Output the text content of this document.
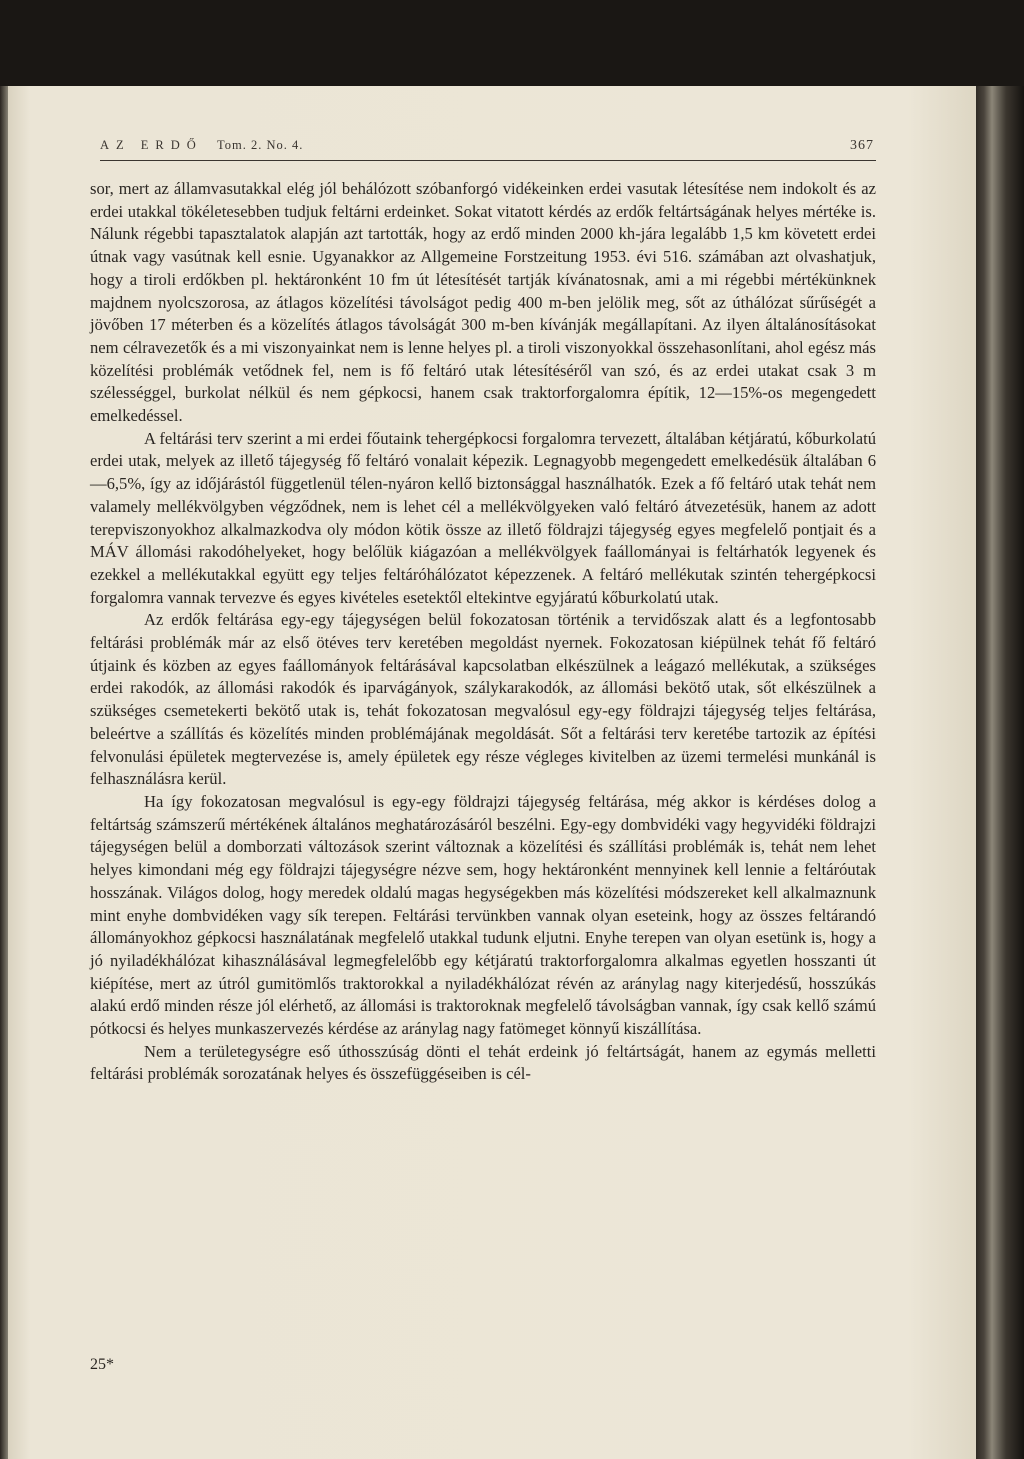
AZ ERDŐ Tom. 2. No. 4.	367

sor, mert az államvasutakkal elég jól behálózott szóbanforgó vidékeinken erdei vasutak létesítése nem indokolt és az erdei utakkal tökéletesebben tudjuk feltárni erdeinket. Sokat vitatott kérdés az erdők feltártságának helyes mértéke is. Nálunk régebbi tapasztalatok alapján azt tartották, hogy az erdő minden 2000 kh-jára legalább 1,5 km követett erdei útnak vagy vasútnak kell esnie. Ugyanakkor az Allgemeine Forstzeitung 1953. évi 516. számában azt olvashatjuk, hogy a tiroli erdőkben pl. hektáronként 10 fm út létesítését tartják kívánatosnak, ami a mi régebbi mértékünknek majdnem nyolcszorosa, az átlagos közelítési távolságot pedig 400 m-ben jelölik meg, sőt az úthálózat sűrűségét a jövőben 17 méterben és a közelítés átlagos távolságát 300 m-ben kívánják megállapítani. Az ilyen általánosításokat nem célravezetők és a mi viszonyainkat nem is lenne helyes pl. a tiroli viszonyokkal összehasonlítani, ahol egész más közelítési problémák vetődnek fel, nem is fő feltáró utak létesítéséről van szó, és az erdei utakat csak 3 m szélességgel, burkolat nélkül és nem gépkocsi, hanem csak traktorforgalomra építik, 12—15%-os megengedett emelkedéssel.

A feltárási terv szerint a mi erdei főutaink tehergépkocsi forgalomra tervezett, általában kétjáratú, kőburkolatú erdei utak, melyek az illető tájegység fő feltáró vonalait képezik. Legnagyobb megengedett emelkedésük általában 6—6,5%, így az időjárástól függetlenül télen-nyáron kellő biztonsággal használhatók. Ezek a fő feltáró utak tehát nem valamely mellékvölgyben végződnek, nem is lehet cél a mellékvölgyeken való feltáró átvezetésük, hanem az adott terepviszonyokhoz alkalmazkodva oly módon kötik össze az illető földrajzi tájegység egyes megfelelő pontjait és a MÁV állomási rakodóhelyeket, hogy belőlük kiágazóan a mellékvölgyek faállományai is feltárhatók legyenek és ezekkel a mellékutakkal együtt egy teljes feltáróhálózatot képezzenek. A feltáró mellékutak szintén tehergépkocsi forgalomra vannak tervezve és egyes kivételes esetektől eltekintve egyjáratú kőburkolatú utak.

Az erdők feltárása egy-egy tájegységen belül fokozatosan történik a tervidőszak alatt és a legfontosabb feltárási problémák már az első ötéves terv keretében megoldást nyernek. Fokozatosan kiépülnek tehát fő feltáró útjaink és közben az egyes faállományok feltárásával kapcsolatban elkészülnek a leágazó mellékutak, a szükséges erdei rakodók, az állomási rakodók és iparvágányok, szálykarakodók, az állomási bekötő utak, sőt elkészülnek a szükséges csemetekerti bekötő utak is, tehát fokozatosan megvalósul egy-egy földrajzi tájegység teljes feltárása, beleértve a szállítás és közelítés minden problémájának megoldását. Sőt a feltárási terv keretébe tartozik az építési felvonulási épületek megtervezése is, amely épületek egy része végleges kivitelben az üzemi termelési munkánál is felhasználásra kerül.

Ha így fokozatosan megvalósul is egy-egy földrajzi tájegység feltárása, még akkor is kérdéses dolog a feltártság számszerű mértékének általános meghatározásáról beszélni. Egy-egy dombvidéki vagy hegyvidéki földrajzi tájegységen belül a domborzati változások szerint változnak a közelítési és szállítási problémák is, tehát nem lehet helyes kimondani még egy földrajzi tájegységre nézve sem, hogy hektáronként mennyinek kell lennie a feltáróutak hosszának. Világos dolog, hogy meredek oldalú magas hegységekben más közelítési módszereket kell alkalmaznunk mint enyhe dombvidéken vagy sík terepen. Feltárási tervünkben vannak olyan eseteink, hogy az összes feltárandó állományokhoz gépkocsi használatának megfelelő utakkal tudunk eljutni. Enyhe terepen van olyan esetünk is, hogy a jó nyiladékhálózat kihasználásával legmegfelelőbb egy kétjáratú traktorforgalomra alkalmas egyetlen hosszanti út kiépítése, mert az útról gumitömlős traktorokkal a nyiladékhálózat révén az aránylag nagy kiterjedésű, hosszúkás alakú erdő minden része jól elérhető, az állomási is traktoroknak megfelelő távolságban vannak, így csak kellő számú pótkocsi és helyes munkaszervezés kérdése az aránylag nagy fatömeget könnyű kiszállítása.

Nem a területegységre eső úthosszúság dönti el tehát erdeink jó feltártságát, hanem az egymás melletti feltárási problémák sorozatának helyes és összefüggéseiben is cél-

25*
